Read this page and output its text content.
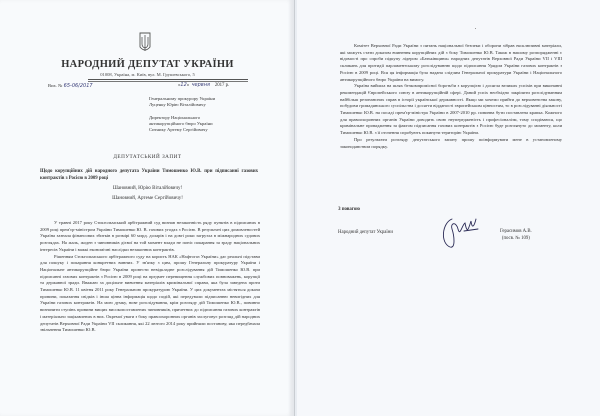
НАРОДНИЙ ДЕПУТАТ УКРАЇНИ
01008, Україна, м. Київ, вул. М. Грушевського, 5
Вих. № 65-06/2017	«12» червня 2017 р.
Генеральному прокурору України
Луценку Юрію Віталійовичу
Директору Національного
антикорупційного бюро України
Ситнику Артему Сергійовичу
ДЕПУТАТСЬКИЙ ЗАПИТ
Щодо корупційних дій народного депутата України Тимошенко Ю.В. при підписанні газових контрактів з Росією в 2009 році
Шановний, Юрію Віталійовичу!
Шановний, Артеме Сергійовичу!

У травні 2017 року Стокгольмський арбітражний суд визнав незаконність ряду пунктів в підписаних в 2009 році прем'єр-міністром України Тимошенко Ю. В. газових угодах з Росією. В результаті цих домовленостей Україна зазнала фінансових збитків в розмірі 60 млрд. доларів і на довгі роки загрузла в міжнародних судових розглядах. На жаль, жоден з чиновників дієвої на той момент влади не поніс покарання за зраду національних інтересів України і важкі економічні наслідки незаконних контрактів.

Рішенням Стокгольмського арбітражного суду на користь НАК «Нафтогаз України» дає реальні підстави для пошуку і покарання конкретних винних. У зв'язку з цим, прошу Генеральну прокуратуру України і Національне антикорупційне бюро України провести невідкладне розслідування дій Тимошенко Ю.В. при підписанні газових контрактів з Росією в 2009 році на предмет перевищення службових повноважень, корупції та державної зради. Вважаю за доцільне вивчення матеріалів кримінальної справи, яка була заведена проти Тимошенко Ю.В. 11 квітня 2011 року Генеральною прокуратурою України. У цих документах містяться докази провини, показання свідків і інша цінна інформація щодо подій, які передували підписанню невигідних для України газових контрактів. На мою думку, нове розслідування, крім розгляду дій Тимошенко Ю.В., повинно визначити ступінь провини вищих високопоставлених чиновників, причетних до підписання газових контрактів і матеріально зацікавлених в них. Окремої уваги з боку правоохоронних органів заслуговує розгляд дій народних депутатів Верховної Ради України VII скликання, які 22 лютого 2014 року прийняли постанову, яка передбачала звільнення Тимошенко Ю.В.

Комітет Верховної Ради України з питань національної безпеки і оборони зібрав ексклюзивні матеріали, які можуть стати доказом вчинення корупційних дій з боку Тимошенко Ю.В. Також в нашому розпорядженні є відомості про спроби підкупу лідером «Батьківщини» народних депутатів Верховної Ради України VII і VIII скликань для протидії парламентському розслідуванню щодо підписання Урядом України газових контрактів з Росією в 2009 році. Вся ця інформація була надана слідчим Генеральної прокуратури України і Національного антикорупційного бюро України на вимогу.

Україна вийшла на шлях безкомпромісної боротьби з корупцією і досягла великих успіхів при виконанні рекомендацій Європейського союзу в антикорупційній сфері. Даний успіх необхідно закріпити розслідуванням найбільш резонансних справ в історії української державності. Якщо ми хочемо прийти до верховенства закону, побудови громадянського суспільства і досягти відданості європейським цінностям, то в розслідуванні діяльності Тимошенко Ю.В. на посаді прем'єр-міністра України в 2007-2010 рр. повинна бути поставлена крапка. Кожного для правоохоронних органів України доводить свою неупередженість і професіоналізм, тому сподіваюся, що кримінальне провадження за фактом підписання газових контрактів з Росією буде розглянуто до моменту, коли Тимошенко Ю.В. з її оточення спробують покинути територію України.

Про результати розгляду депутатського запиту прошу поінформувати мене в установленому законодавством порядку.

З повагою
Народний депутат України	Герасимов А.В.
(посв. № 109)
